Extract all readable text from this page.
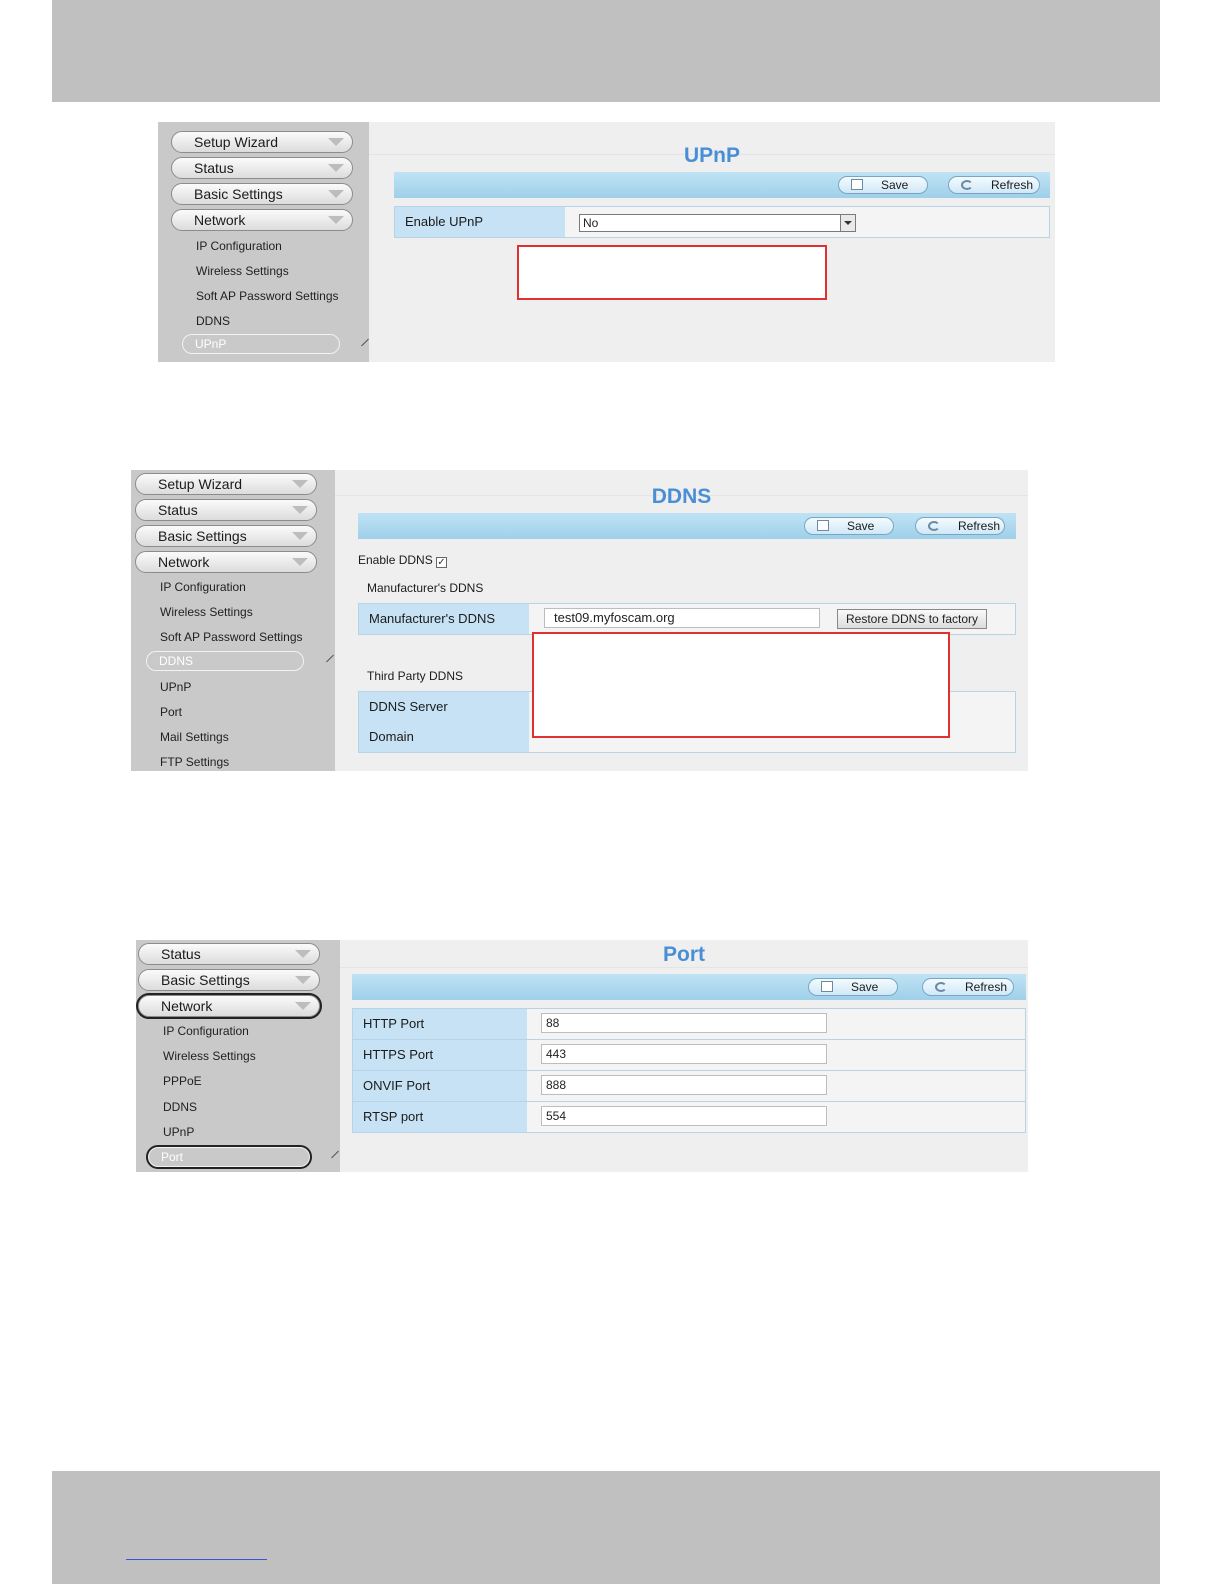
Setup Wizard
Status
Basic Settings
Network
IP Configuration
Wireless Settings
Soft AP Password Settings
DDNS
UPnP
UPnP
Save	Refresh
Enable UPnP	No
Setup Wizard
Status
Basic Settings
Network
IP Configuration
Wireless Settings
Soft AP Password Settings
DDNS
UPnP
Port
Mail Settings
FTP Settings
DDNS
Save	Refresh
Enable DDNS ✓
Manufacturer's DDNS
Manufacturer's DDNS	test09.myfoscam.org	Restore DDNS to factory
Third Party DDNS
DDNS Server
Domain
Status
Basic Settings
Network
IP Configuration
Wireless Settings
PPPoE
DDNS
UPnP
Port
Port
Save	Refresh
HTTP Port	88
HTTPS Port	443
ONVIF Port	888
RTSP port	554
